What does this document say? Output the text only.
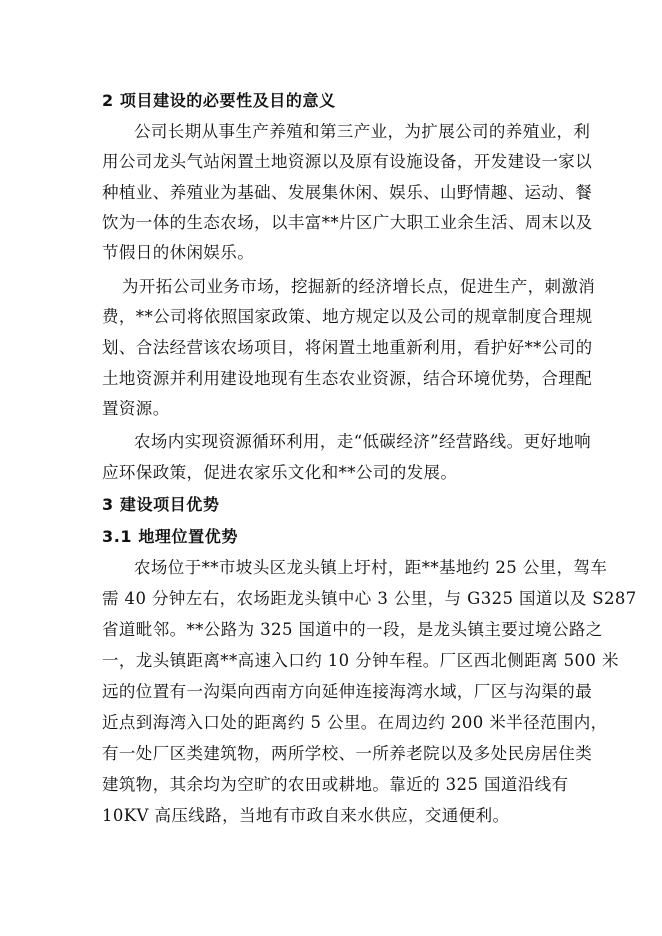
2 项目建设的必要性及目的意义
公司长期从事生产养殖和第三产业，为扩展公司的养殖业，利
用公司龙头气站闲置土地资源以及原有设施设备，开发建设一家以
种植业、养殖业为基础、发展集休闲、娱乐、山野情趣、运动、餐
饮为一体的生态农场，以丰富**片区广大职工业余生活、周末以及
节假日的休闲娱乐。
为开拓公司业务市场，挖掘新的经济增长点，促进生产，刺激消
费，**公司将依照国家政策、地方规定以及公司的规章制度合理规
划、合法经营该农场项目，将闲置土地重新利用，看护好**公司的
土地资源并利用建设地现有生态农业资源，结合环境优势，合理配
置资源。
农场内实现资源循环利用，走“低碳经济”经营路线。更好地响
应环保政策，促进农家乐文化和**公司的发展。
3 建设项目优势
3.1 地理位置优势
农场位于**市坡头区龙头镇上圩村，距**基地约 25 公里，驾车
需 40 分钟左右，农场距龙头镇中心 3 公里，与 G325 国道以及 S287
省道毗邻。**公路为 325 国道中的一段，是龙头镇主要过境公路之
一，龙头镇距离**高速入口约 10 分钟车程。厂区西北侧距离 500 米
远的位置有一沟渠向西南方向延伸连接海湾水域，厂区与沟渠的最
近点到海湾入口处的距离约 5 公里。在周边约 200 米半径范围内，
有一处厂区类建筑物，两所学校、一所养老院以及多处民房居住类
建筑物，其余均为空旷的农田或耕地。靠近的 325 国道沿线有
10KV 高压线路，当地有市政自来水供应，交通便利。
